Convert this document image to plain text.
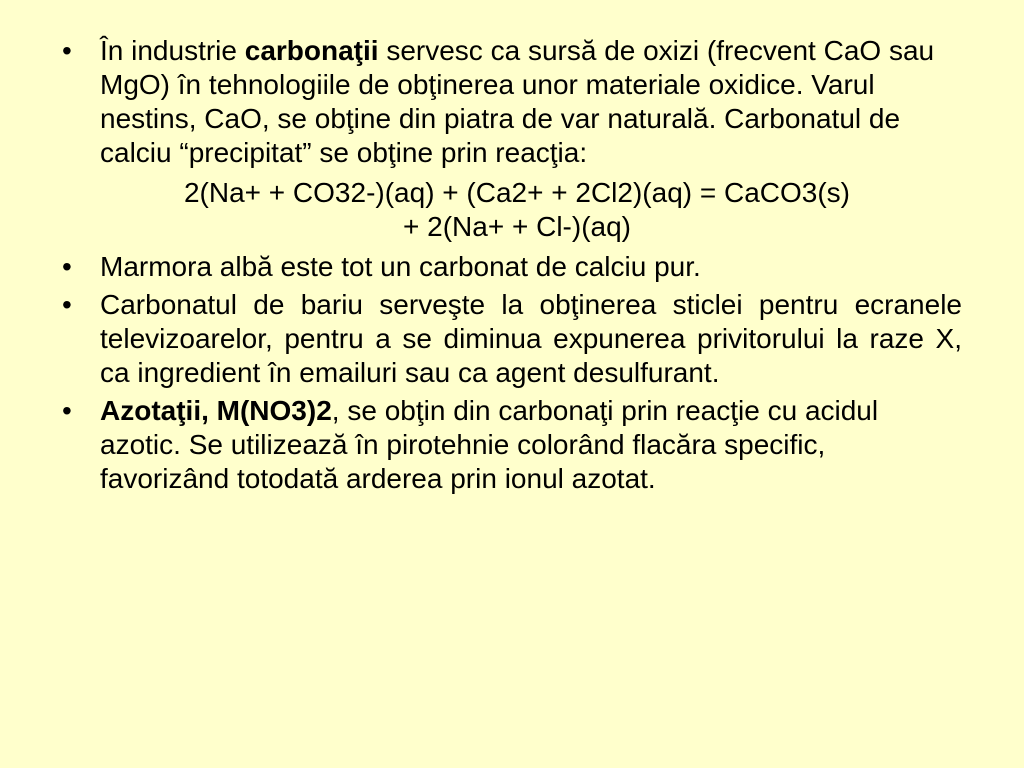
•	În industrie carbonaţii servesc ca sursă de oxizi (frecvent CaO sau MgO) în tehnologiile de obţinerea unor materiale oxidice. Varul nestins, CaO, se obţine din piatra de var naturală. Carbonatul de calciu “precipitat” se obţine prin reacţia:
2(Na+ + CO32-)(aq) + (Ca2+ + 2Cl2)(aq) = CaCO3(s)
+ 2(Na+ + Cl-)(aq)
•	Marmora albă este tot un carbonat de calciu pur.
•	Carbonatul de bariu serveşte la obţinerea sticlei pentru ecranele televizoarelor, pentru a se diminua expunerea privitorului la raze X, ca ingredient în emailuri sau ca agent desulfurant.
•	Azotaţii, M(NO3)2, se obţin din carbonaţi prin reacţie cu acidul azotic. Se utilizează în pirotehnie colorând flacăra specific, favorizând totodată arderea prin ionul azotat.
